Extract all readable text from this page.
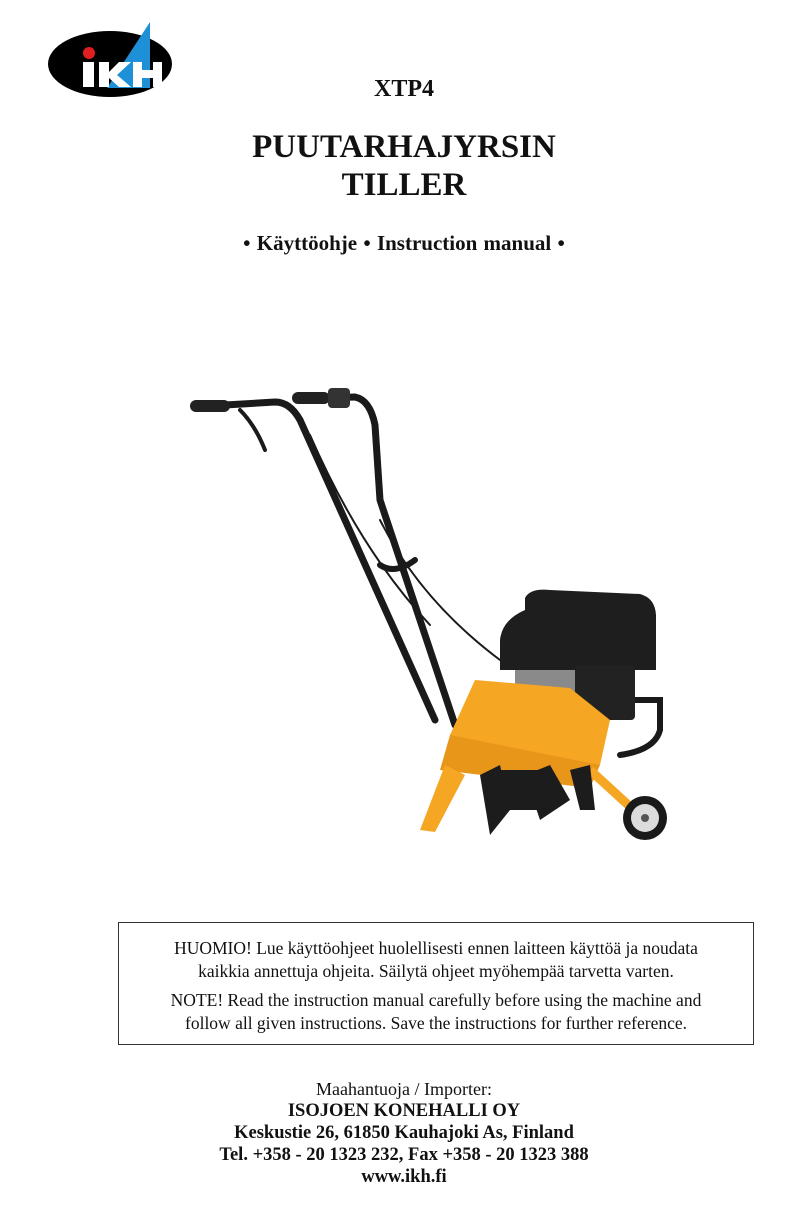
XTP4
PUUTARHAJYRSIN
TILLER
• Käyttöohje • Instruction manual •

HUOMIO! Lue käyttöohjeet huolellisesti ennen laitteen käyttöä ja noudata
kaikkia annettuja ohjeita. Säilytä ohjeet myöhempää tarvetta varten.

NOTE! Read the instruction manual carefully before using the machine and
follow all given instructions. Save the instructions for further reference.

Maahantuoja / Importer:
ISOJOEN KONEHALLI OY
Keskustie 26, 61850 Kauhajoki As, Finland
Tel. +358 - 20 1323 232, Fax +358 - 20 1323 388
www.ikh.fi
